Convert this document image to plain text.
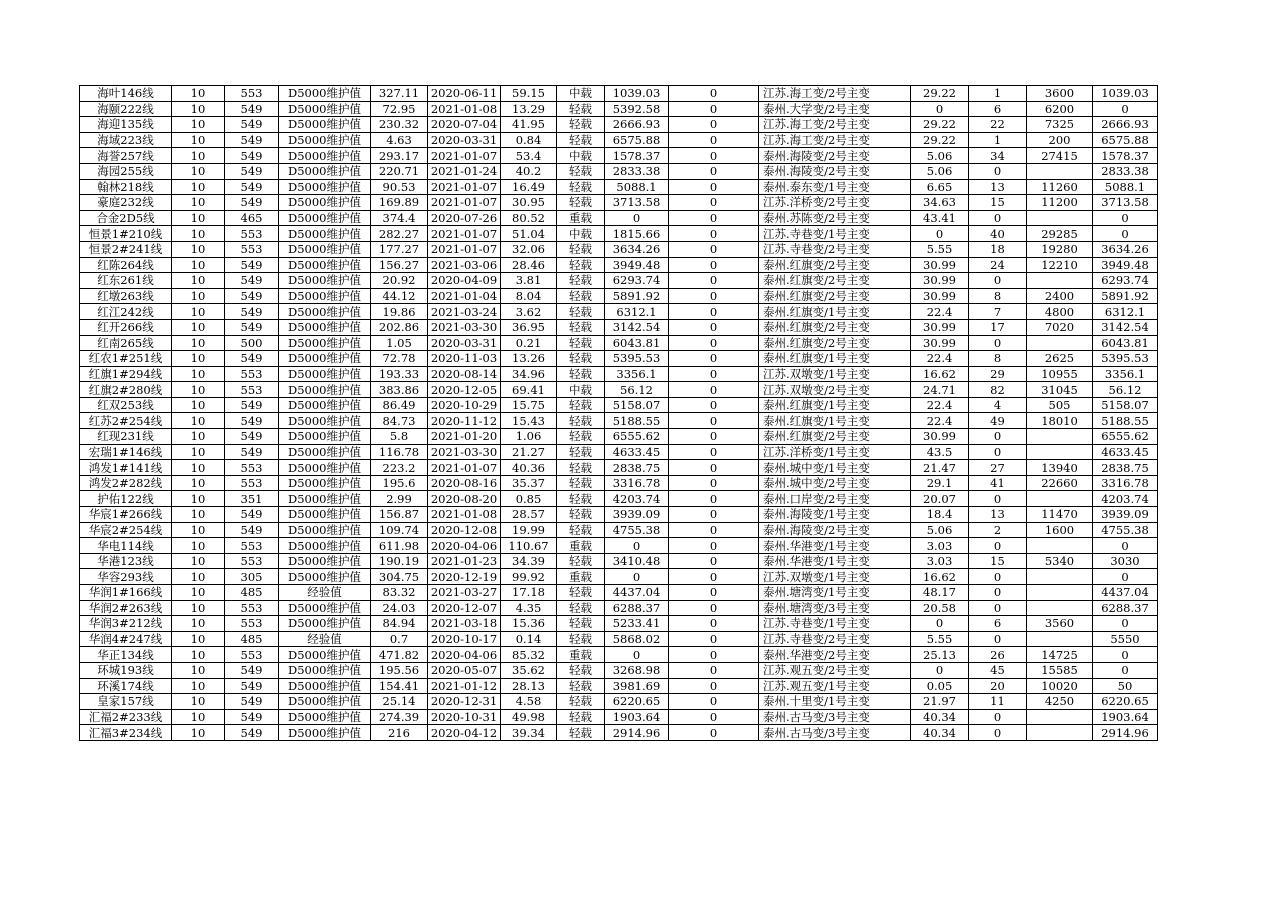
海叶146线	10	553	D5000维护值	327.11	2020-06-11	59.15	中载	1039.03	0	江苏.海工变/2号主变	29.22	1	3600	1039.03
海颐222线	10	549	D5000维护值	72.95	2021-01-08	13.29	轻载	5392.58	0	泰州.大学变/2号主变	0	6	6200	0
海迎135线	10	549	D5000维护值	230.32	2020-07-04	41.95	轻载	2666.93	0	江苏.海工变/2号主变	29.22	22	7325	2666.93
海域223线	10	549	D5000维护值	4.63	2020-03-31	0.84	轻载	6575.88	0	江苏.海工变/2号主变	29.22	1	200	6575.88
海誉257线	10	549	D5000维护值	293.17	2021-01-07	53.4	中载	1578.37	0	泰州.海陵变/2号主变	5.06	34	27415	1578.37
海园255线	10	549	D5000维护值	220.71	2021-01-24	40.2	轻载	2833.38	0	泰州.海陵变/2号主变	5.06	0		2833.38
翰林218线	10	549	D5000维护值	90.53	2021-01-07	16.49	轻载	5088.1	0	泰州.泰东变/1号主变	6.65	13	11260	5088.1
豪庭232线	10	549	D5000维护值	169.89	2021-01-07	30.95	轻载	3713.58	0	江苏.洋桥变/2号主变	34.63	15	11200	3713.58
合金2D5线	10	465	D5000维护值	374.4	2020-07-26	80.52	重载	0	0	泰州.苏陈变/2号主变	43.41	0		0
恒景1#210线	10	553	D5000维护值	282.27	2021-01-07	51.04	中载	1815.66	0	江苏.寺巷变/1号主变	0	40	29285	0
恒景2#241线	10	553	D5000维护值	177.27	2021-01-07	32.06	轻载	3634.26	0	江苏.寺巷变/2号主变	5.55	18	19280	3634.26
红陈264线	10	549	D5000维护值	156.27	2021-03-06	28.46	轻载	3949.48	0	泰州.红旗变/2号主变	30.99	24	12210	3949.48
红东261线	10	549	D5000维护值	20.92	2020-04-09	3.81	轻载	6293.74	0	泰州.红旗变/2号主变	30.99	0		6293.74
红墩263线	10	549	D5000维护值	44.12	2021-01-04	8.04	轻载	5891.92	0	泰州.红旗变/2号主变	30.99	8	2400	5891.92
红江242线	10	549	D5000维护值	19.86	2021-03-24	3.62	轻载	6312.1	0	泰州.红旗变/1号主变	22.4	7	4800	6312.1
红开266线	10	549	D5000维护值	202.86	2021-03-30	36.95	轻载	3142.54	0	泰州.红旗变/2号主变	30.99	17	7020	3142.54
红南265线	10	500	D5000维护值	1.05	2020-03-31	0.21	轻载	6043.81	0	泰州.红旗变/2号主变	30.99	0		6043.81
红农1#251线	10	549	D5000维护值	72.78	2020-11-03	13.26	轻载	5395.53	0	泰州.红旗变/1号主变	22.4	8	2625	5395.53
红旗1#294线	10	553	D5000维护值	193.33	2020-08-14	34.96	轻载	3356.1	0	江苏.双墩变/1号主变	16.62	29	10955	3356.1
红旗2#280线	10	553	D5000维护值	383.86	2020-12-05	69.41	中载	56.12	0	江苏.双墩变/2号主变	24.71	82	31045	56.12
红双253线	10	549	D5000维护值	86.49	2020-10-29	15.75	轻载	5158.07	0	泰州.红旗变/1号主变	22.4	4	505	5158.07
红苏2#254线	10	549	D5000维护值	84.73	2020-11-12	15.43	轻载	5188.55	0	泰州.红旗变/1号主变	22.4	49	18010	5188.55
红现231线	10	549	D5000维护值	5.8	2021-01-20	1.06	轻载	6555.62	0	泰州.红旗变/2号主变	30.99	0		6555.62
宏瑞1#146线	10	549	D5000维护值	116.78	2021-03-30	21.27	轻载	4633.45	0	江苏.洋桥变/1号主变	43.5	0		4633.45
鸿发1#141线	10	553	D5000维护值	223.2	2021-01-07	40.36	轻载	2838.75	0	泰州.城中变/1号主变	21.47	27	13940	2838.75
鸿发2#282线	10	553	D5000维护值	195.6	2020-08-16	35.37	轻载	3316.78	0	泰州.城中变/2号主变	29.1	41	22660	3316.78
护佑122线	10	351	D5000维护值	2.99	2020-08-20	0.85	轻载	4203.74	0	泰州.口岸变/2号主变	20.07	0		4203.74
华宸1#266线	10	549	D5000维护值	156.87	2021-01-08	28.57	轻载	3939.09	0	泰州.海陵变/1号主变	18.4	13	11470	3939.09
华宸2#254线	10	549	D5000维护值	109.74	2020-12-08	19.99	轻载	4755.38	0	泰州.海陵变/2号主变	5.06	2	1600	4755.38
华电114线	10	553	D5000维护值	611.98	2020-04-06	110.67	重载	0	0	泰州.华港变/1号主变	3.03	0		0
华港123线	10	553	D5000维护值	190.19	2021-01-23	34.39	轻载	3410.48	0	泰州.华港变/1号主变	3.03	15	5340	3030
华容293线	10	305	D5000维护值	304.75	2020-12-19	99.92	重载	0	0	江苏.双墩变/1号主变	16.62	0		0
华润1#166线	10	485	经验值	83.32	2021-03-27	17.18	轻载	4437.04	0	泰州.塘湾变/1号主变	48.17	0		4437.04
华润2#263线	10	553	D5000维护值	24.03	2020-12-07	4.35	轻载	6288.37	0	泰州.塘湾变/3号主变	20.58	0		6288.37
华润3#212线	10	553	D5000维护值	84.94	2021-03-18	15.36	轻载	5233.41	0	江苏.寺巷变/1号主变	0	6	3560	0
华润4#247线	10	485	经验值	0.7	2020-10-17	0.14	轻载	5868.02	0	江苏.寺巷变/2号主变	5.55	0		5550
华正134线	10	553	D5000维护值	471.82	2020-04-06	85.32	重载	0	0	泰州.华港变/2号主变	25.13	26	14725	0
环城193线	10	549	D5000维护值	195.56	2020-05-07	35.62	轻载	3268.98	0	江苏.观五变/2号主变	0	45	15585	0
环溪174线	10	549	D5000维护值	154.41	2021-01-12	28.13	轻载	3981.69	0	江苏.观五变/1号主变	0.05	20	10020	50
皇家157线	10	549	D5000维护值	25.14	2020-12-31	4.58	轻载	6220.65	0	泰州.十里变/1号主变	21.97	11	4250	6220.65
汇福2#233线	10	549	D5000维护值	274.39	2020-10-31	49.98	轻载	1903.64	0	泰州.古马变/3号主变	40.34	0		1903.64
汇福3#234线	10	549	D5000维护值	216	2020-04-12	39.34	轻载	2914.96	0	泰州.古马变/3号主变	40.34	0		2914.96
